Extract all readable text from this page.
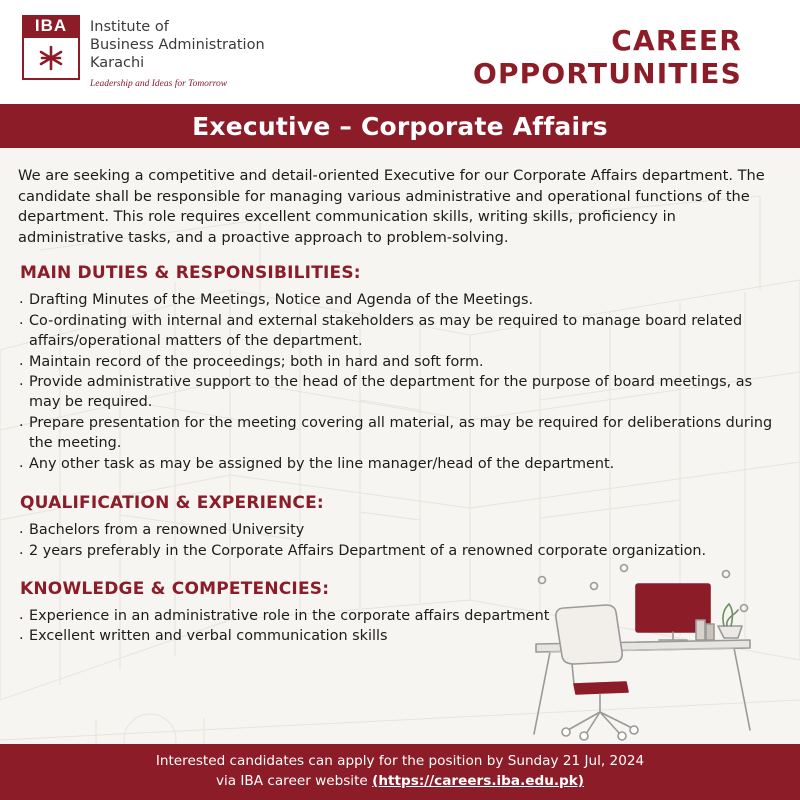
IBA	Institute of
Business Administration
Karachi
Leadership and Ideas for Tomorrow
CAREER
OPPORTUNITIES
Executive – Corporate Affairs
We are seeking a competitive and detail-oriented Executive for our Corporate Affairs department. The candidate shall be responsible for managing various administrative and operational functions of the department. This role requires excellent communication skills, writing skills, proficiency in administrative tasks, and a proactive approach to problem-solving.
MAIN DUTIES & RESPONSIBILITIES:
. Drafting Minutes of the Meetings, Notice and Agenda of the Meetings.
. Co-ordinating with internal and external stakeholders as may be required to manage board related affairs/operational matters of the department.
. Maintain record of the proceedings; both in hard and soft form.
. Provide administrative support to the head of the department for the purpose of board meetings, as may be required.
. Prepare presentation for the meeting covering all material, as may be required for deliberations during the meeting.
. Any other task as may be assigned by the line manager/head of the department.
QUALIFICATION & EXPERIENCE:
. Bachelors from a renowned University
. 2 years preferably in the Corporate Affairs Department of a renowned corporate organization.
KNOWLEDGE & COMPETENCIES:
. Experience in an administrative role in the corporate affairs department
. Excellent written and verbal communication skills
Interested candidates can apply for the position by Sunday 21 Jul, 2024
via IBA career website (https://careers.iba.edu.pk)
